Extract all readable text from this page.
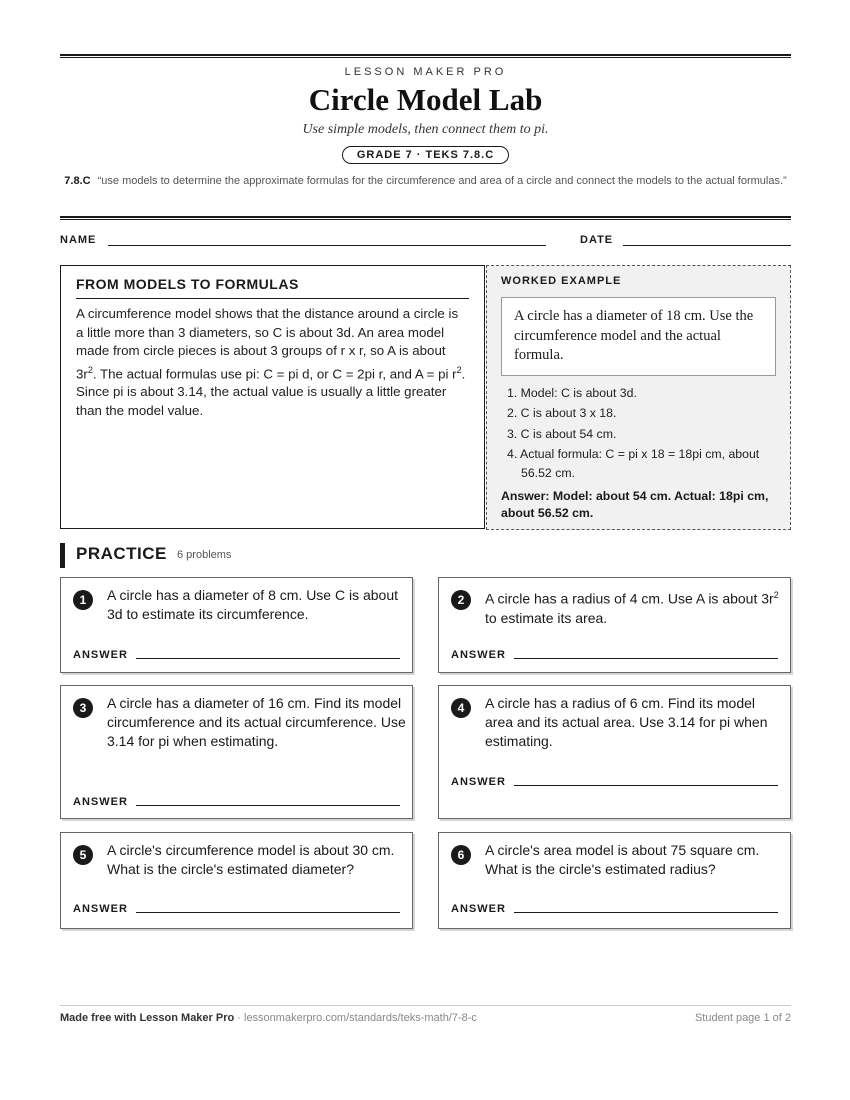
LESSON MAKER PRO
Circle Model Lab
Use simple models, then connect them to pi.
GRADE 7 · TEKS 7.8.C
7.8.C “use models to determine the approximate formulas for the circumference and area of a circle and connect the models to the actual formulas.”
NAME	DATE
FROM MODELS TO FORMULAS
A circumference model shows that the distance around a circle is a little more than 3 diameters, so C is about 3d. An area model made from circle pieces is about 3 groups of r x r, so A is about $3r^2$. The actual formulas use pi: C = pi d, or C = 2pi r, and A = pi $r^2$. Since pi is about 3.14, the actual value is usually a little greater than the model value.
WORKED EXAMPLE
A circle has a diameter of 18 cm. Use the circumference model and the actual formula.
1. Model: C is about 3d.
2. C is about 3 x 18.
3. C is about 54 cm.
4. Actual formula: C = pi x 18 = 18pi cm, about 56.52 cm.
Answer: Model: about 54 cm. Actual: 18pi cm, about 56.52 cm.
PRACTICE 6 problems
1	A circle has a diameter of 8 cm. Use C is about 3d to estimate its circumference.
ANSWER
2	A circle has a radius of 4 cm. Use A is about $3r^2$ to estimate its area.
ANSWER
3	A circle has a diameter of 16 cm. Find its model circumference and its actual circumference. Use 3.14 for pi when estimating.
ANSWER
4	A circle has a radius of 6 cm. Find its model area and its actual area. Use 3.14 for pi when estimating.
ANSWER
5	A circle's circumference model is about 30 cm. What is the circle's estimated diameter?
ANSWER
6	A circle's area model is about 75 square cm. What is the circle's estimated radius?
ANSWER
Made free with Lesson Maker Pro · lessonmakerpro.com/standards/teks-math/7-8-c	Student page 1 of 2
